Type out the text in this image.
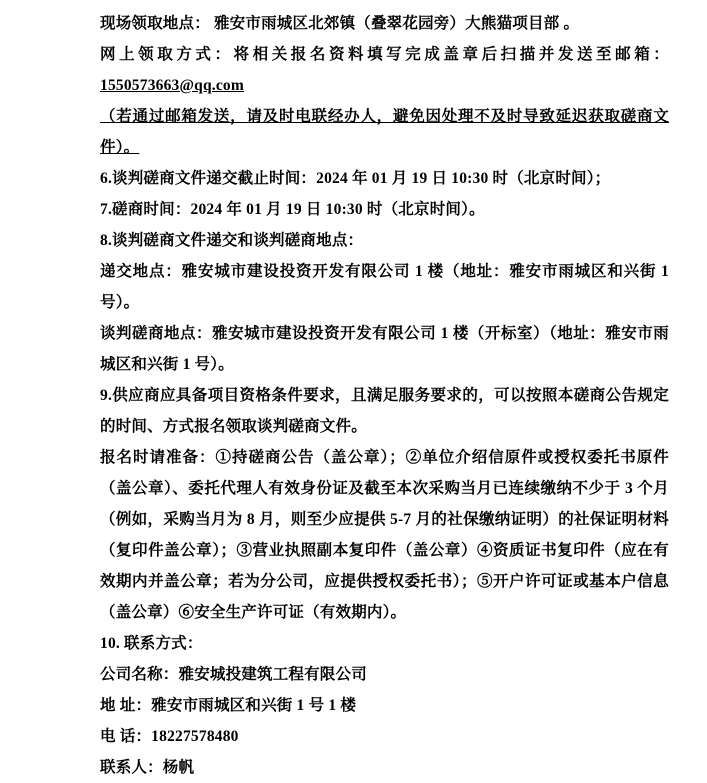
现场领取地点： 雅安市雨城区北郊镇（叠翠花园旁）大熊猫项目部 。

网上领取方式：将相关报名资料填写完成盖章后扫描并发送至邮箱：1550573663@qq.com
（若通过邮箱发送，请及时电联经办人，避免因处理不及时导致延迟获取磋商文件）。

6.谈判磋商文件递交截止时间：2024 年 01 月 19 日 10:30 时（北京时间）；

7.磋商时间：2024 年 01 月 19 日 10:30 时（北京时间）。

8.谈判磋商文件递交和谈判磋商地点：

递交地点：雅安城市建设投资开发有限公司 1 楼（地址：雅安市雨城区和兴街 1 号）。

谈判磋商地点：雅安城市建设投资开发有限公司 1 楼（开标室）（地址：雅安市雨城区和兴街 1 号）。

9.供应商应具备项目资格条件要求，且满足服务要求的，可以按照本磋商公告规定的时间、方式报名领取谈判磋商文件。

报名时请准备：①持磋商公告（盖公章）；②单位介绍信原件或授权委托书原件（盖公章）、委托代理人有效身份证及截至本次采购当月已连续缴纳不少于 3 个月（例如，采购当月为 8 月，则至少应提供 5-7 月的社保缴纳证明）的社保证明材料（复印件盖公章）；③营业执照副本复印件（盖公章）④资质证书复印件（应在有效期内并盖公章；若为分公司，应提供授权委托书）；⑤开户许可证或基本户信息（盖公章）⑥安全生产许可证（有效期内）。

10. 联系方式：

公司名称：雅安城投建筑工程有限公司

地 址：雅安市雨城区和兴街 1 号 1 楼

电 话：18227578480

联系人：杨帆
